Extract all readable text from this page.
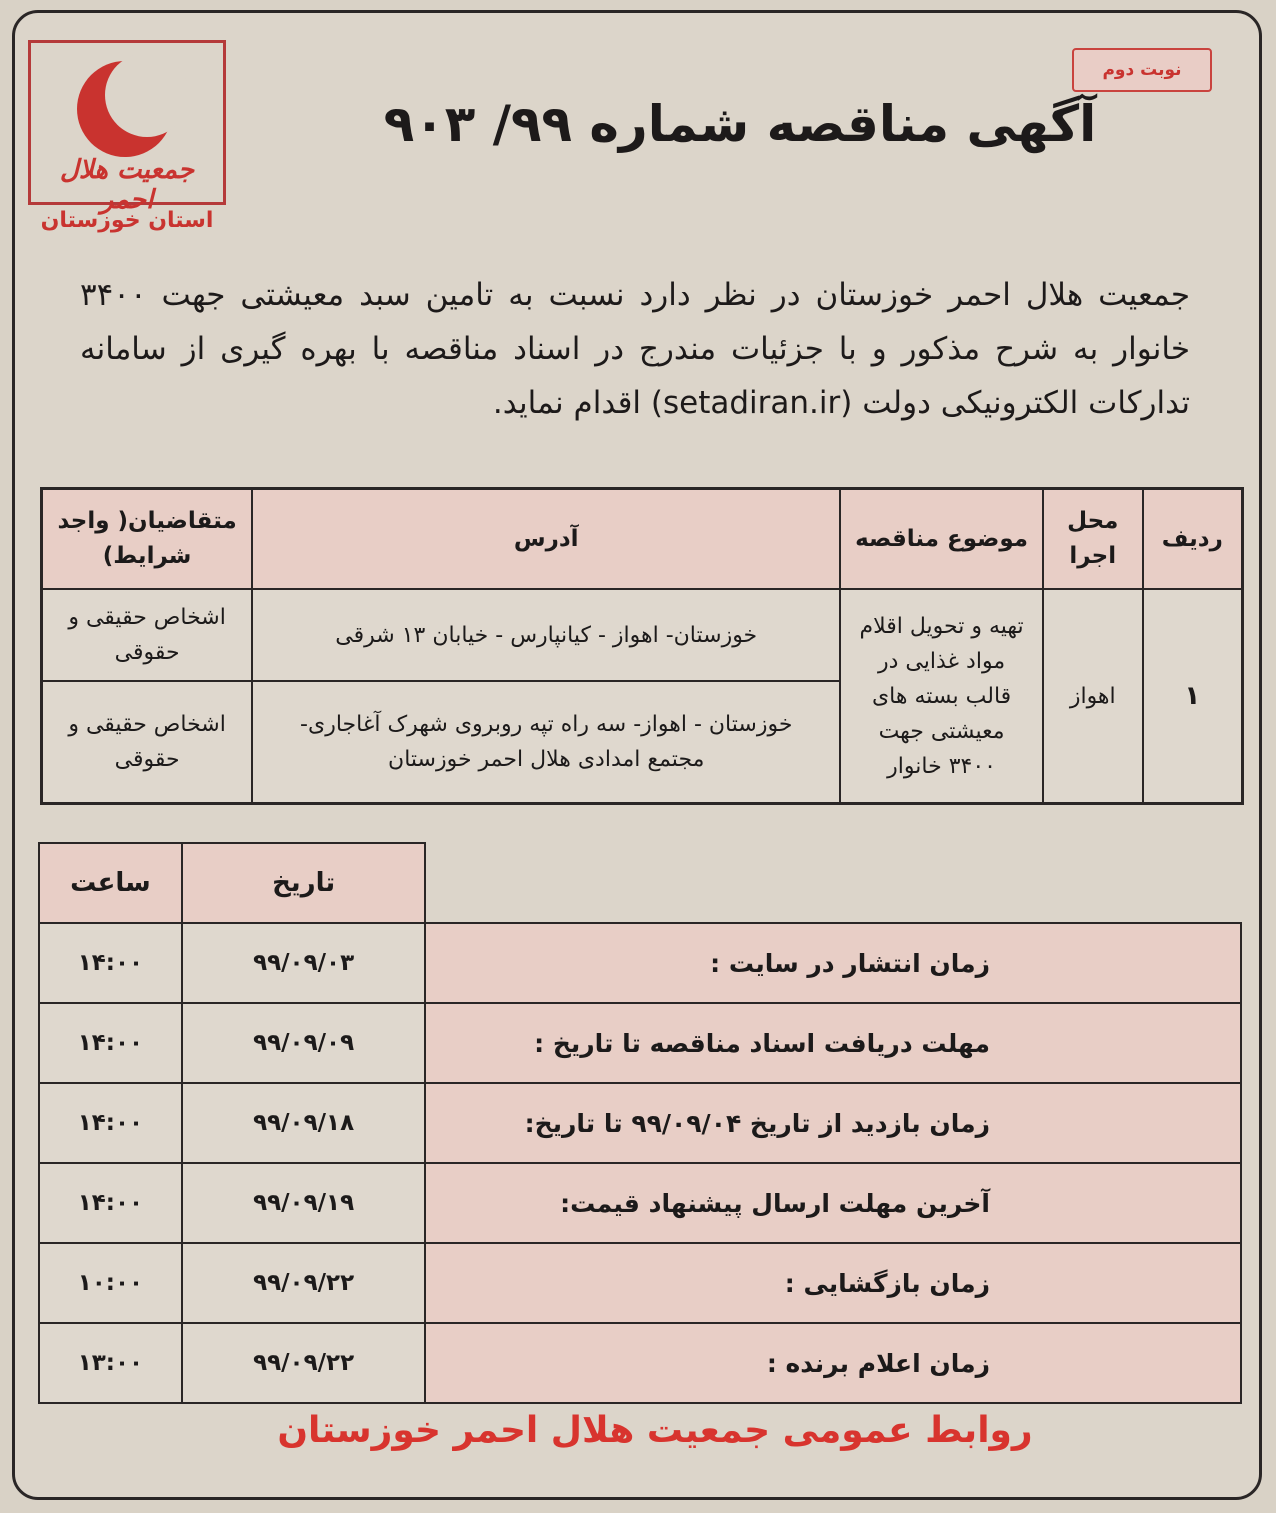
جمعیت هلال احمر
استان خوزستان
نوبت دوم
آگهی مناقصه شماره ۹۹/ ۹۰۳
جمعیت هلال احمر خوزستان در نظر دارد نسبت به تامین سبد معیشتی جهت ۳۴۰۰ خانوار به شرح مذکور و با جزئیات مندرج در اسناد مناقصه با بهره گیری از سامانه تدارکات الکترونیکی دولت (setadiran.ir) اقدام نماید.
ردیف	محل اجرا	موضوع مناقصه	آدرس	متقاضیان( واجد شرایط)
۱	اهواز	تهیه و تحویل اقلام مواد غذایی در قالب بسته های معیشتی جهت ۳۴۰۰ خانوار	خوزستان- اهواز - کیانپارس - خیابان ۱۳ شرقی	اشخاص حقیقی و حقوقی
			خوزستان - اهواز- سه راه تپه روبروی شهرک آغاجاری- مجتمع امدادی هلال احمر خوزستان	اشخاص حقیقی و حقوقی
ساعت	تاریخ	
۱۴:۰۰	۹۹/۰۹/۰۳	زمان انتشار در سایت :
۱۴:۰۰	۹۹/۰۹/۰۹	مهلت دریافت اسناد مناقصه تا تاریخ :
۱۴:۰۰	۹۹/۰۹/۱۸	زمان بازدید از تاریخ ۹۹/۰۹/۰۴ تا تاریخ:
۱۴:۰۰	۹۹/۰۹/۱۹	آخرین مهلت ارسال پیشنهاد قیمت:
۱۰:۰۰	۹۹/۰۹/۲۲	زمان بازگشایی :
۱۳:۰۰	۹۹/۰۹/۲۲	زمان اعلام برنده :
روابط عمومی جمعیت هلال احمر خوزستان
